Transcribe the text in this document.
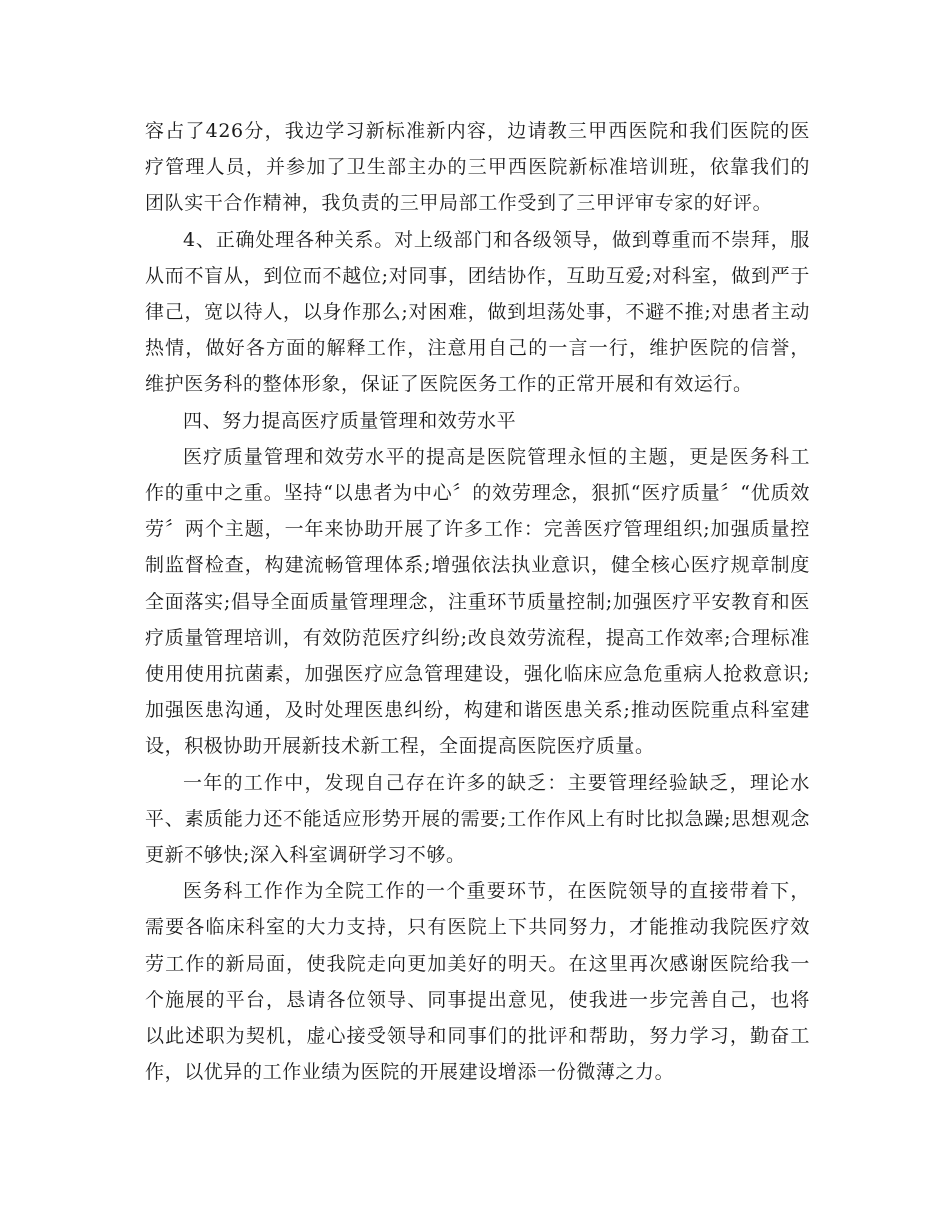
容占了426分，我边学习新标准新内容，边请教三甲西医院和我们医院的医疗管理人员，并参加了卫生部主办的三甲西医院新标准培训班，依靠我们的团队实干合作精神，我负责的三甲局部工作受到了三甲评审专家的好评。

4、正确处理各种关系。对上级部门和各级领导，做到尊重而不崇拜，服从而不盲从，到位而不越位;对同事，团结协作，互助互爱;对科室，做到严于律己，宽以待人，以身作那么;对困难，做到坦荡处事，不避不推;对患者主动热情，做好各方面的解释工作，注意用自己的一言一行，维护医院的信誉，维护医务科的整体形象，保证了医院医务工作的正常开展和有效运行。

四、努力提高医疗质量管理和效劳水平

医疗质量管理和效劳水平的提高是医院管理永恒的主题，更是医务科工作的重中之重。坚持“以患者为中心〞的效劳理念，狠抓“医疗质量〞“优质效劳〞两个主题，一年来协助开展了许多工作：完善医疗管理组织;加强质量控制监督检查，构建流畅管理体系;增强依法执业意识，健全核心医疗规章制度全面落实;倡导全面质量管理理念，注重环节质量控制;加强医疗平安教育和医疗质量管理培训，有效防范医疗纠纷;改良效劳流程，提高工作效率;合理标准使用使用抗菌素，加强医疗应急管理建设，强化临床应急危重病人抢救意识;加强医患沟通，及时处理医患纠纷，构建和谐医患关系;推动医院重点科室建设，积极协助开展新技术新工程，全面提高医院医疗质量。

一年的工作中，发现自己存在许多的缺乏：主要管理经验缺乏，理论水平、素质能力还不能适应形势开展的需要;工作作风上有时比拟急躁;思想观念更新不够快;深入科室调研学习不够。

医务科工作作为全院工作的一个重要环节，在医院领导的直接带着下，需要各临床科室的大力支持，只有医院上下共同努力，才能推动我院医疗效劳工作的新局面，使我院走向更加美好的明天。在这里再次感谢医院给我一个施展的平台，恳请各位领导、同事提出意见，使我进一步完善自己，也将以此述职为契机，虚心接受领导和同事们的批评和帮助，努力学习，勤奋工作，以优异的工作业绩为医院的开展建设增添一份微薄之力。
